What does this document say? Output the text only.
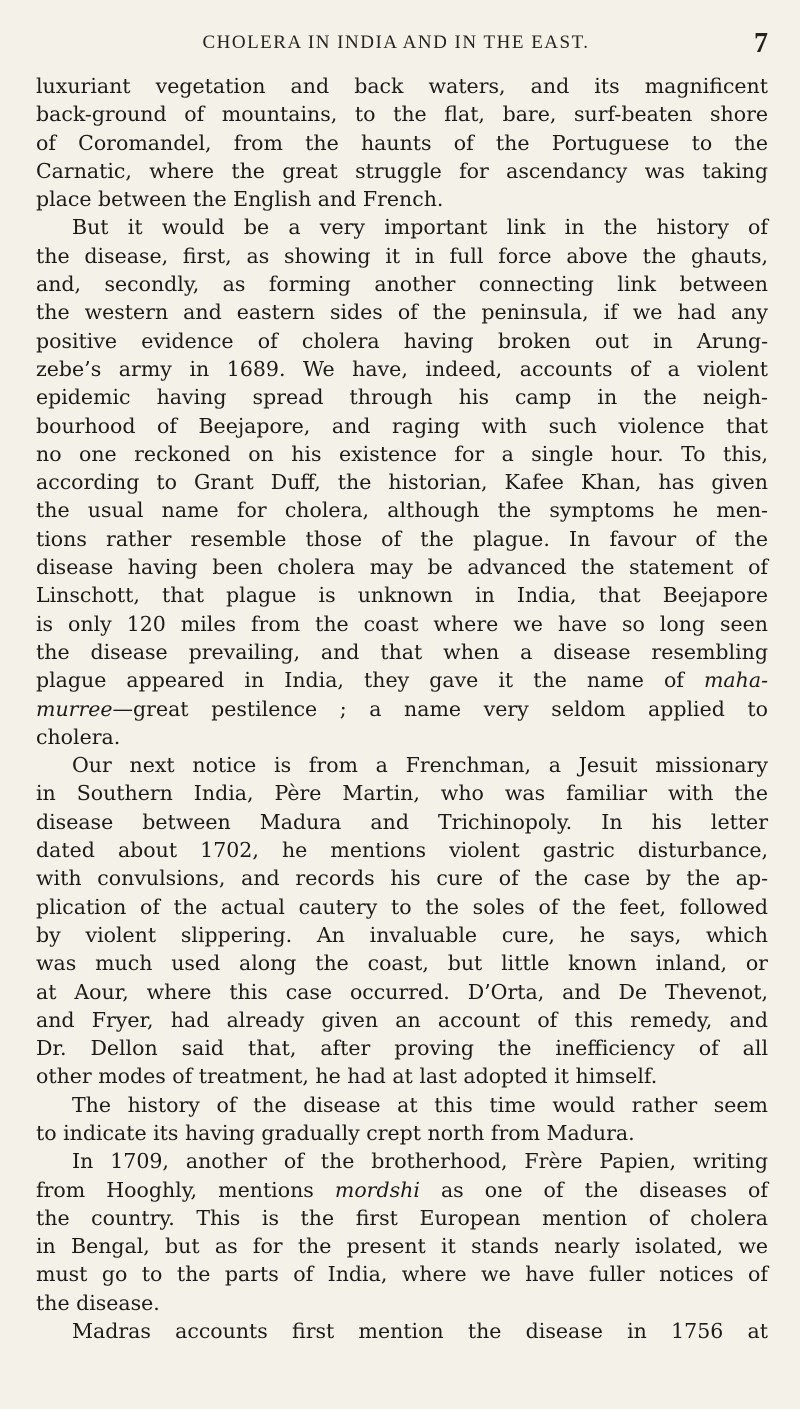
CHOLERA IN INDIA AND IN THE EAST.	7
luxuriant vegetation and back waters, and its magnificent
back-ground of mountains, to the flat, bare, surf-beaten shore
of Coromandel, from the haunts of the Portuguese to the
Carnatic, where the great struggle for ascendancy was taking
place between the English and French.
But it would be a very important link in the history of
the disease, first, as showing it in full force above the ghauts,
and, secondly, as forming another connecting link between
the western and eastern sides of the peninsula, if we had any
positive evidence of cholera having broken out in Arung-
zebe’s army in 1689. We have, indeed, accounts of a violent
epidemic having spread through his camp in the neigh-
bourhood of Beejapore, and raging with such violence that
no one reckoned on his existence for a single hour. To this,
according to Grant Duff, the historian, Kafee Khan, has given
the usual name for cholera, although the symptoms he men-
tions rather resemble those of the plague. In favour of the
disease having been cholera may be advanced the statement of
Linschott, that plague is unknown in India, that Beejapore
is only 120 miles from the coast where we have so long seen
the disease prevailing, and that when a disease resembling
plague appeared in India, they gave it the name of maha-
murree—great pestilence ; a name very seldom applied to
cholera.
Our next notice is from a Frenchman, a Jesuit missionary
in Southern India, Père Martin, who was familiar with the
disease between Madura and Trichinopoly. In his letter
dated about 1702, he mentions violent gastric disturbance,
with convulsions, and records his cure of the case by the ap-
plication of the actual cautery to the soles of the feet, followed
by violent slippering. An invaluable cure, he says, which
was much used along the coast, but little known inland, or
at Aour, where this case occurred. D’Orta, and De Thevenot,
and Fryer, had already given an account of this remedy, and
Dr. Dellon said that, after proving the inefficiency of all
other modes of treatment, he had at last adopted it himself.
The history of the disease at this time would rather seem
to indicate its having gradually crept north from Madura.
In 1709, another of the brotherhood, Frère Papien, writing
from Hooghly, mentions mordshi as one of the diseases of
the country. This is the first European mention of cholera
in Bengal, but as for the present it stands nearly isolated, we
must go to the parts of India, where we have fuller notices of
the disease.
Madras accounts first mention the disease in 1756 at
